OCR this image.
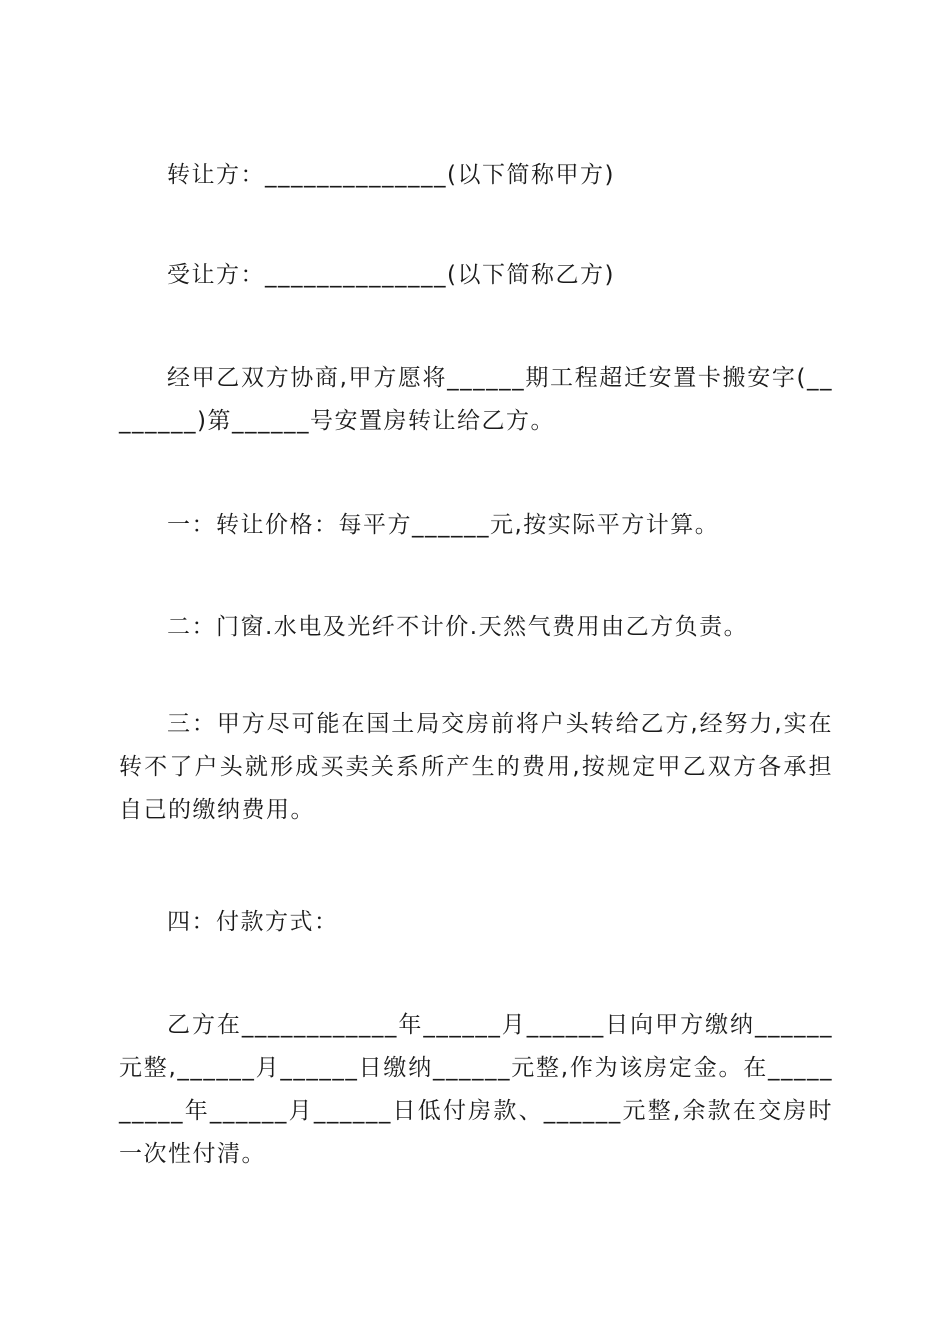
转让方：______________(以下简称甲方)

受让方：______________(以下简称乙方)

经甲乙双方协商,甲方愿将______期工程超迁安置卡搬安字(________)第______号安置房转让给乙方。

一：转让价格：每平方______元,按实际平方计算。

二：门窗.水电及光纤不计价.天然气费用由乙方负责。

三：甲方尽可能在国土局交房前将户头转给乙方,经努力,实在转不了户头就形成买卖关系所产生的费用,按规定甲乙双方各承担自己的缴纳费用。

四：付款方式：

乙方在____________年______月______日向甲方缴纳______元整,______月______日缴纳______元整,作为该房定金。在__________年______月______日低付房款、______元整,余款在交房时一次性付清。
